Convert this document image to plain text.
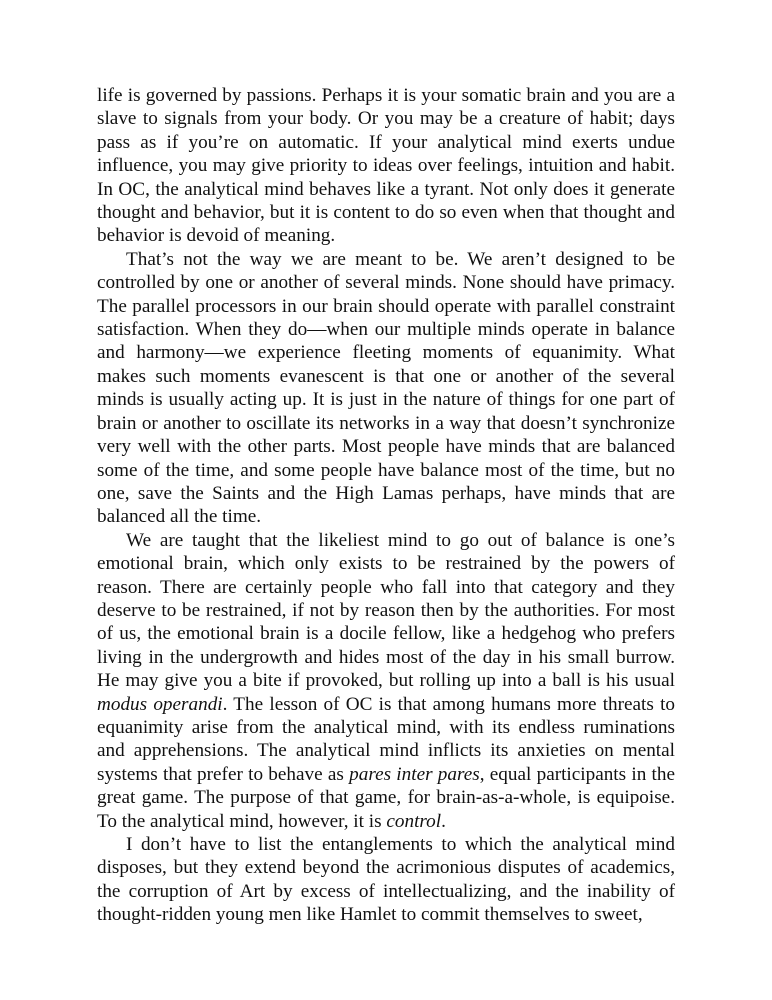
life is governed by passions. Perhaps it is your somatic brain and you are a slave to signals from your body. Or you may be a creature of habit; days pass as if you’re on automatic. If your analytical mind exerts undue influence, you may give priority to ideas over feelings, intuition and habit. In OC, the analytical mind behaves like a tyrant. Not only does it generate thought and behavior, but it is content to do so even when that thought and behavior is devoid of meaning.

That’s not the way we are meant to be. We aren’t designed to be controlled by one or another of several minds. None should have primacy. The parallel processors in our brain should operate with parallel constraint satisfaction. When they do—when our multiple minds operate in balance and harmony—we experience fleeting moments of equanimity. What makes such moments evanescent is that one or another of the several minds is usually acting up. It is just in the nature of things for one part of brain or another to oscillate its networks in a way that doesn’t synchronize very well with the other parts. Most people have minds that are balanced some of the time, and some people have balance most of the time, but no one, save the Saints and the High Lamas perhaps, have minds that are balanced all the time.

We are taught that the likeliest mind to go out of balance is one’s emotional brain, which only exists to be restrained by the powers of reason. There are certainly people who fall into that category and they deserve to be restrained, if not by reason then by the authorities. For most of us, the emotional brain is a docile fellow, like a hedgehog who prefers living in the undergrowth and hides most of the day in his small burrow. He may give you a bite if provoked, but rolling up into a ball is his usual modus operandi. The lesson of OC is that among humans more threats to equanimity arise from the analytical mind, with its endless ruminations and apprehensions. The analytical mind inflicts its anxieties on mental systems that prefer to behave as pares inter pares, equal participants in the great game. The purpose of that game, for brain-as-a-whole, is equipoise. To the analytical mind, however, it is control.

I don’t have to list the entanglements to which the analytical mind disposes, but they extend beyond the acrimonious disputes of academics, the corruption of Art by excess of intellectualizing, and the inability of thought-ridden young men like Hamlet to commit themselves to sweet,
